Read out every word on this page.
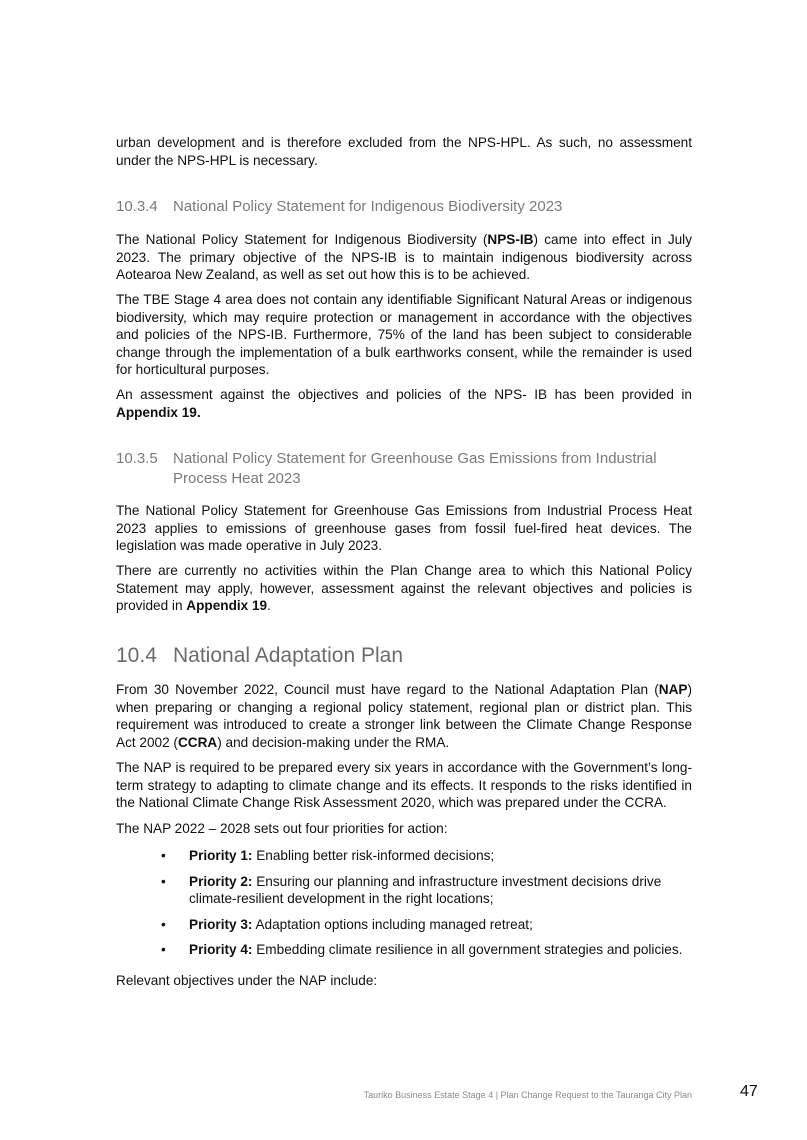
urban development and is therefore excluded from the NPS-HPL. As such, no assessment under the NPS-HPL is necessary.

10.3.4	National Policy Statement for Indigenous Biodiversity 2023

The National Policy Statement for Indigenous Biodiversity (NPS-IB) came into effect in July 2023. The primary objective of the NPS-IB is to maintain indigenous biodiversity across Aotearoa New Zealand, as well as set out how this is to be achieved.

The TBE Stage 4 area does not contain any identifiable Significant Natural Areas or indigenous biodiversity, which may require protection or management in accordance with the objectives and policies of the NPS-IB. Furthermore, 75% of the land has been subject to considerable change through the implementation of a bulk earthworks consent, while the remainder is used for horticultural purposes.

An assessment against the objectives and policies of the NPS- IB has been provided in Appendix 19.

10.3.5	National Policy Statement for Greenhouse Gas Emissions from Industrial Process Heat 2023

The National Policy Statement for Greenhouse Gas Emissions from Industrial Process Heat 2023 applies to emissions of greenhouse gases from fossil fuel-fired heat devices. The legislation was made operative in July 2023.

There are currently no activities within the Plan Change area to which this National Policy Statement may apply, however, assessment against the relevant objectives and policies is provided in Appendix 19.

10.4 National Adaptation Plan

From 30 November 2022, Council must have regard to the National Adaptation Plan (NAP) when preparing or changing a regional policy statement, regional plan or district plan. This requirement was introduced to create a stronger link between the Climate Change Response Act 2002 (CCRA) and decision-making under the RMA.

The NAP is required to be prepared every six years in accordance with the Government’s long-term strategy to adapting to climate change and its effects. It responds to the risks identified in the National Climate Change Risk Assessment 2020, which was prepared under the CCRA.

The NAP 2022 – 2028 sets out four priorities for action:

• Priority 1: Enabling better risk-informed decisions;
• Priority 2: Ensuring our planning and infrastructure investment decisions drive climate-resilient development in the right locations;
• Priority 3: Adaptation options including managed retreat;
• Priority 4: Embedding climate resilience in all government strategies and policies.

Relevant objectives under the NAP include:

Tauriko Business Estate Stage 4 | Plan Change Request to the Tauranga City Plan	47
